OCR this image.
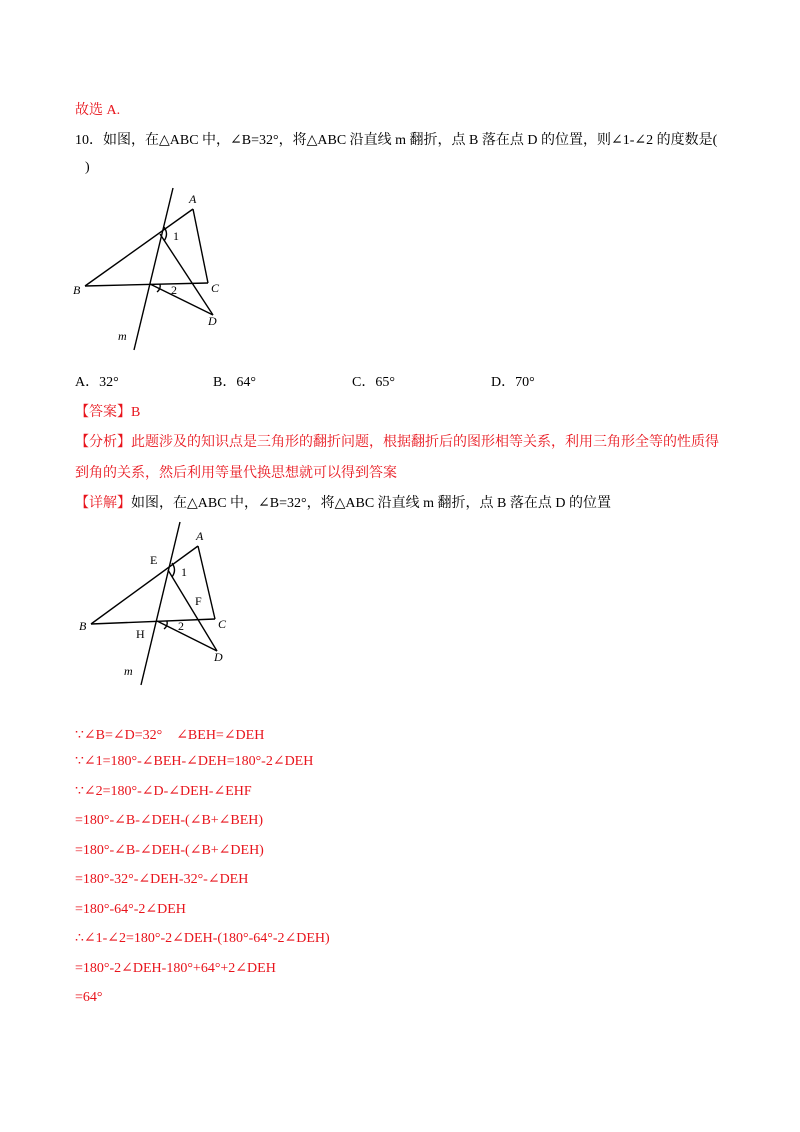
故选 A.
10．如图，在△ABC 中，∠B=32°，将△ABC 沿直线 m 翻折，点 B 落在点 D 的位置，则∠1-∠2 的度数是(
)
A
B	C
D
m
1
2
A．32°	B．64°	C．65°	D．70°
【答案】B
【分析】此题涉及的知识点是三角形的翻折问题，根据翻折后的图形相等关系，利用三角形全等的性质得
到角的关系，然后利用等量代换思想就可以得到答案
【详解】如图，在△ABC 中，∠B=32°，将△ABC 沿直线 m 翻折，点 B 落在点 D 的位置
E
A
B	C
D
F
H
m
1
2
∵∠B=∠D=32°　∠BEH=∠DEH
∵∠1=180°-∠BEH-∠DEH=180°-2∠DEH
∵∠2=180°-∠D-∠DEH-∠EHF
=180°-∠B-∠DEH-(∠B+∠BEH)
=180°-∠B-∠DEH-(∠B+∠DEH)
=180°-32°-∠DEH-32°-∠DEH
=180°-64°-2∠DEH
∴∠1-∠2=180°-2∠DEH-(180°-64°-2∠DEH)
=180°-2∠DEH-180°+64°+2∠DEH
=64°
